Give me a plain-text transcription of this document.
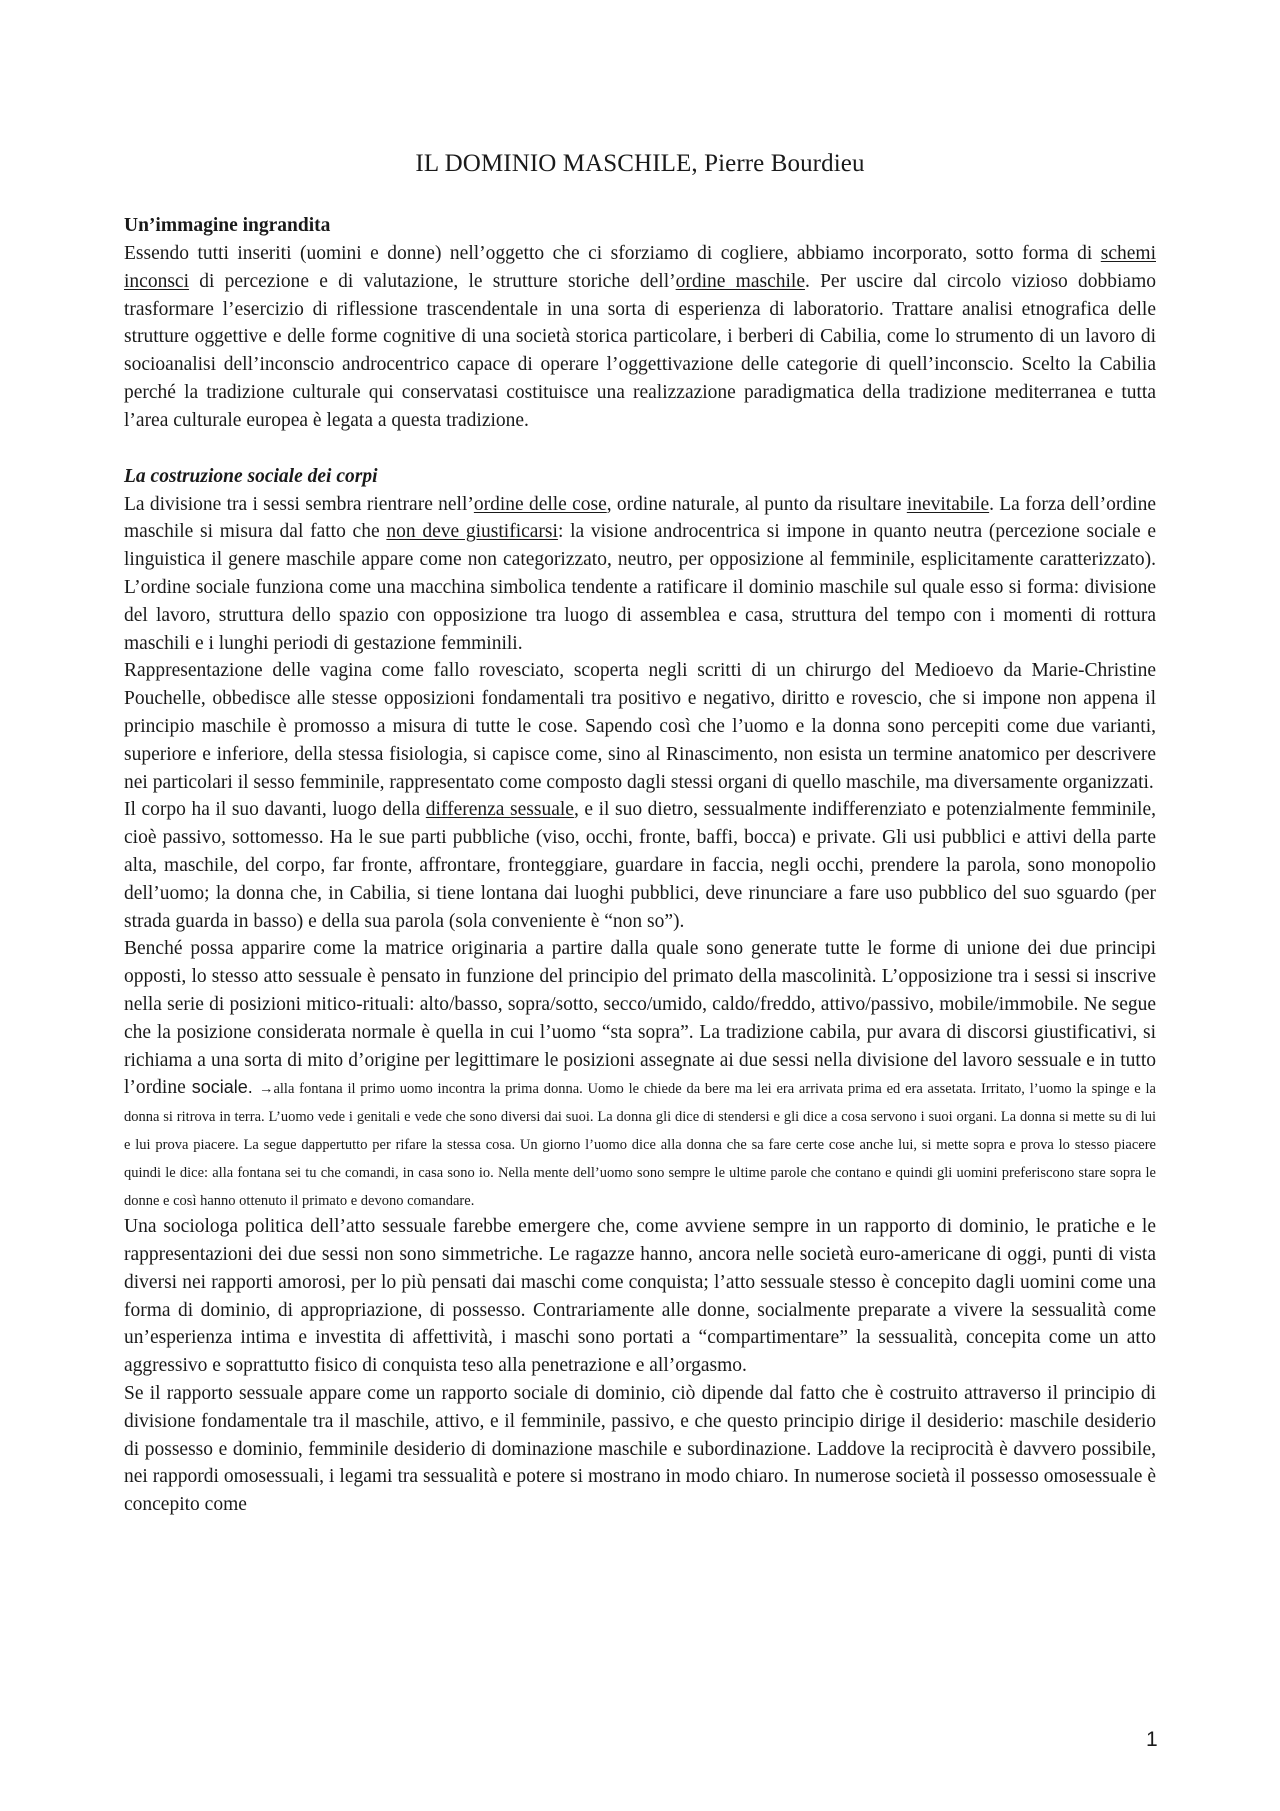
IL DOMINIO MASCHILE, Pierre Bourdieu
Un’immagine ingrandita

Essendo tutti inseriti (uomini e donne) nell’oggetto che ci sforziamo di cogliere, abbiamo incorporato, sotto forma di schemi inconsci di percezione e di valutazione, le strutture storiche dell’ordine maschile. Per uscire dal circolo vizioso dobbiamo trasformare l’esercizio di riflessione trascendentale in una sorta di esperienza di laboratorio. Trattare analisi etnografica delle strutture oggettive e delle forme cognitive di una società storica particolare, i berberi di Cabilia, come lo strumento di un lavoro di socioanalisi dell’inconscio androcentrico capace di operare l’oggettivazione delle categorie di quell’inconscio. Scelto la Cabilia perché la tradizione culturale qui conservatasi costituisce una realizzazione paradigmatica della tradizione mediterranea e tutta l’area culturale europea è legata a questa tradizione.

La costruzione sociale dei corpi

La divisione tra i sessi sembra rientrare nell’ordine delle cose, ordine naturale, al punto da risultare inevitabile. La forza dell’ordine maschile si misura dal fatto che non deve giustificarsi: la visione androcentrica si impone in quanto neutra (percezione sociale e linguistica il genere maschile appare come non categorizzato, neutro, per opposizione al femminile, esplicitamente caratterizzato). L’ordine sociale funziona come una macchina simbolica tendente a ratificare il dominio maschile sul quale esso si forma: divisione del lavoro, struttura dello spazio con opposizione tra luogo di assemblea e casa, struttura del tempo con i momenti di rottura maschili e i lunghi periodi di gestazione femminili.

Rappresentazione delle vagina come fallo rovesciato, scoperta negli scritti di un chirurgo del Medioevo da Marie-Christine Pouchelle, obbedisce alle stesse opposizioni fondamentali tra positivo e negativo, diritto e rovescio, che si impone non appena il principio maschile è promosso a misura di tutte le cose. Sapendo così che l’uomo e la donna sono percepiti come due varianti, superiore e inferiore, della stessa fisiologia, si capisce come, sino al Rinascimento, non esista un termine anatomico per descrivere nei particolari il sesso femminile, rappresentato come composto dagli stessi organi di quello maschile, ma diversamente organizzati.

Il corpo ha il suo davanti, luogo della differenza sessuale, e il suo dietro, sessualmente indifferenziato e potenzialmente femminile, cioè passivo, sottomesso. Ha le sue parti pubbliche (viso, occhi, fronte, baffi, bocca) e private. Gli usi pubblici e attivi della parte alta, maschile, del corpo, far fronte, affrontare, fronteggiare, guardare in faccia, negli occhi, prendere la parola, sono monopolio dell’uomo; la donna che, in Cabilia, si tiene lontana dai luoghi pubblici, deve rinunciare a fare uso pubblico del suo sguardo (per strada guarda in basso) e della sua parola (sola conveniente è “non so”).

Benché possa apparire come la matrice originaria a partire dalla quale sono generate tutte le forme di unione dei due principi opposti, lo stesso atto sessuale è pensato in funzione del principio del primato della mascolinità. L’opposizione tra i sessi si inscrive nella serie di posizioni mitico-rituali: alto/basso, sopra/sotto, secco/umido, caldo/freddo, attivo/passivo, mobile/immobile. Ne segue che la posizione considerata normale è quella in cui l’uomo “sta sopra”. La tradizione cabila, pur avara di discorsi giustificativi, si richiama a una sorta di mito d’origine per legittimare le posizioni assegnate ai due sessi nella divisione del lavoro sessuale e in tutto l’ordine sociale. →alla fontana il primo uomo incontra la prima donna. Uomo le chiede da bere ma lei era arrivata prima ed era assetata. Irritato, l’uomo la spinge e la donna si ritrova in terra. L’uomo vede i genitali e vede che sono diversi dai suoi. La donna gli dice di stendersi e gli dice a cosa servono i suoi organi. La donna si mette su di lui e lui prova piacere. La segue dappertutto per rifare la stessa cosa. Un giorno l’uomo dice alla donna che sa fare certe cose anche lui, si mette sopra e prova lo stesso piacere quindi le dice: alla fontana sei tu che comandi, in casa sono io. Nella mente dell’uomo sono sempre le ultime parole che contano e quindi gli uomini preferiscono stare sopra le donne e così hanno ottenuto il primato e devono comandare.

Una sociologa politica dell’atto sessuale farebbe emergere che, come avviene sempre in un rapporto di dominio, le pratiche e le rappresentazioni dei due sessi non sono simmetriche. Le ragazze hanno, ancora nelle società euro-americane di oggi, punti di vista diversi nei rapporti amorosi, per lo più pensati dai maschi come conquista; l’atto sessuale stesso è concepito dagli uomini come una forma di dominio, di appropriazione, di possesso. Contrariamente alle donne, socialmente preparate a vivere la sessualità come un’esperienza intima e investita di affettività, i maschi sono portati a “compartimentare” la sessualità, concepita come un atto aggressivo e soprattutto fisico di conquista teso alla penetrazione e all’orgasmo.

Se il rapporto sessuale appare come un rapporto sociale di dominio, ciò dipende dal fatto che è costruito attraverso il principio di divisione fondamentale tra il maschile, attivo, e il femminile, passivo, e che questo principio dirige il desiderio: maschile desiderio di possesso e dominio, femminile desiderio di dominazione maschile e subordinazione. Laddove la reciprocità è davvero possibile, nei rappordi omosessuali, i legami tra sessualità e potere si mostrano in modo chiaro. In numerose società il possesso omosessuale è concepito come

1
